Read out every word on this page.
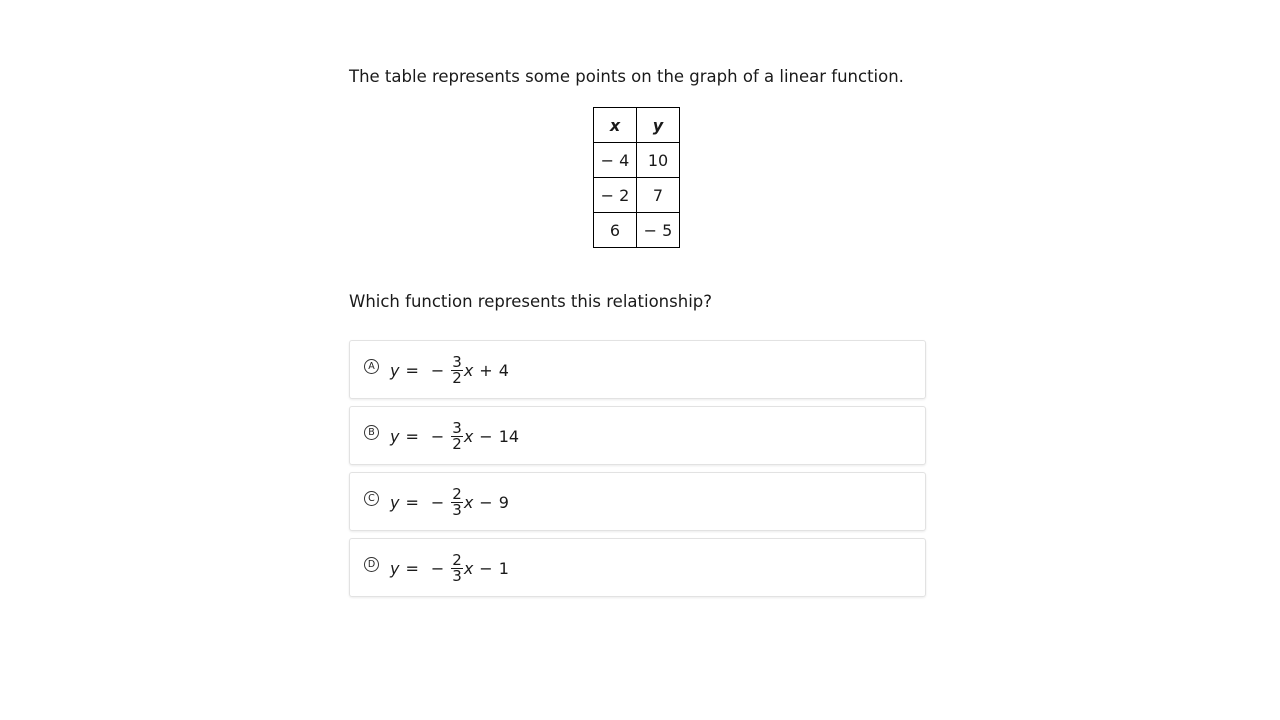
The table represents some points on the graph of a linear function.
x	y
− 4	10
− 2	7
6	− 5
Which function represents this relationship?
A y = − $\frac{3}{2}$ x + 4
B y = − $\frac{3}{2}$ x − 14
C y = − $\frac{2}{3}$ x − 9
D y = − $\frac{2}{3}$ x − 1
